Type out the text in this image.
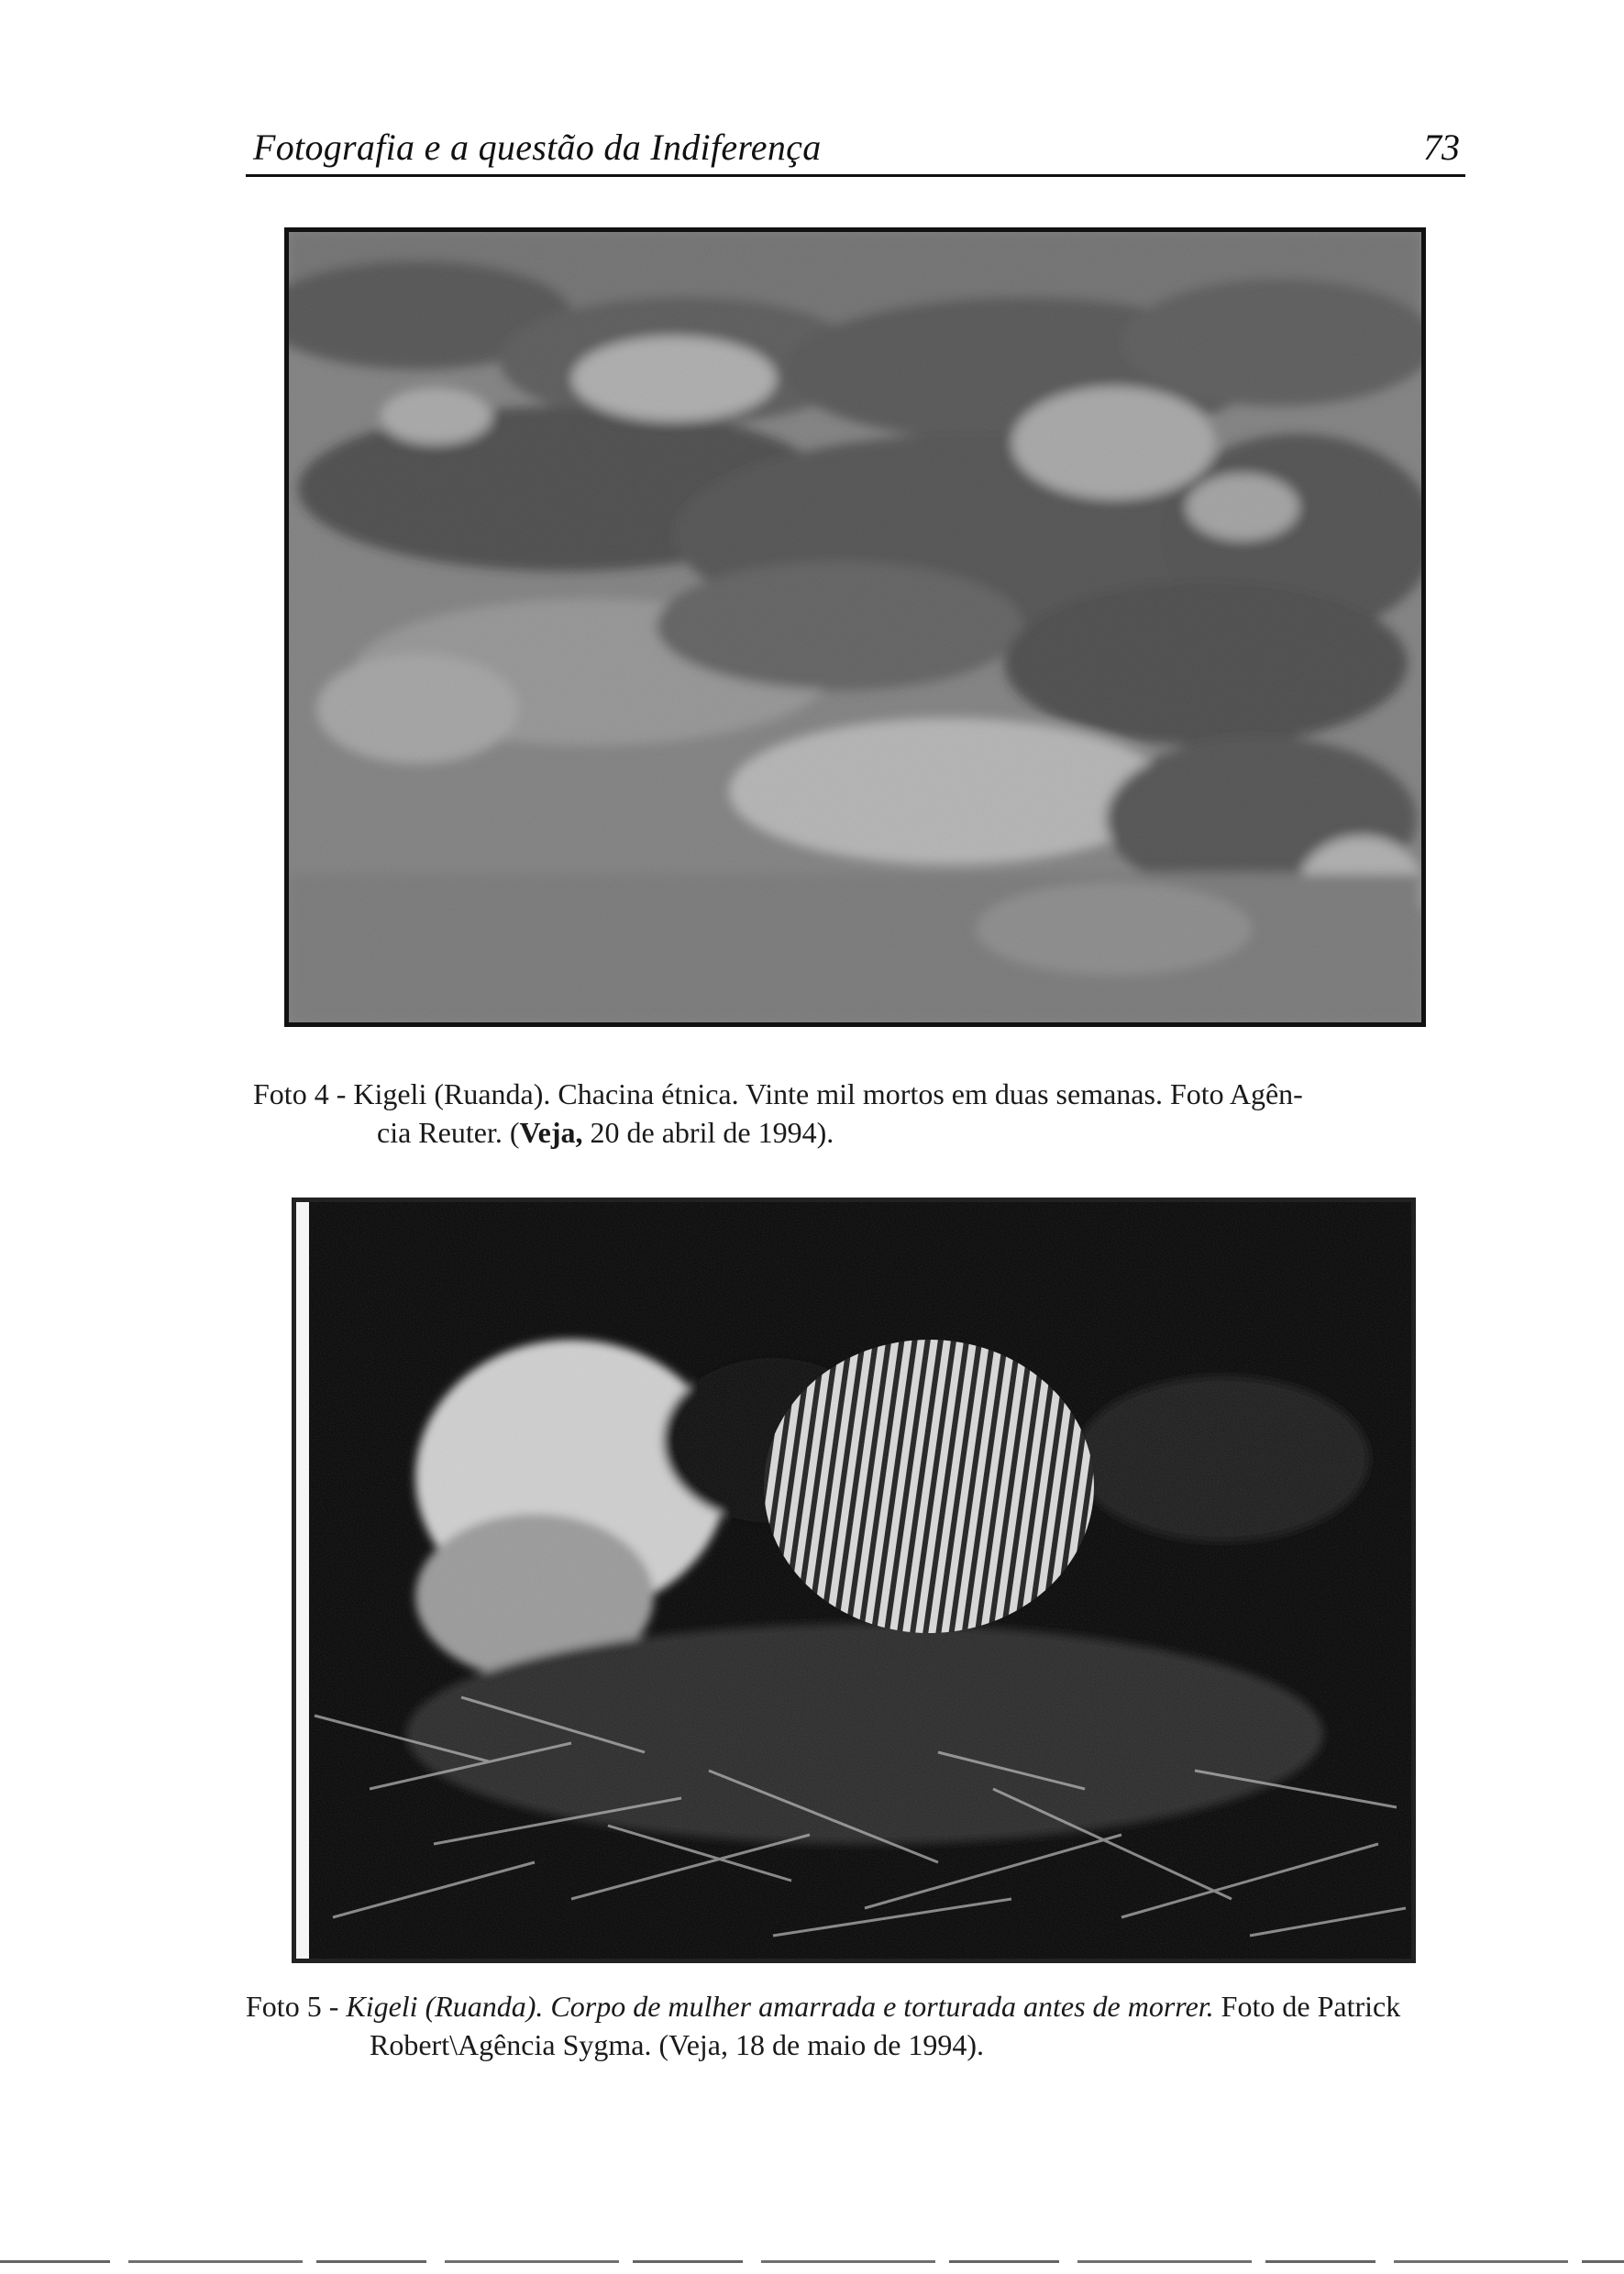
Fotografia e a questão da Indiferença	73
Foto 4 - Kigeli (Ruanda). Chacina étnica. Vinte mil mortos em duas semanas. Foto Agên-
cia Reuter. (Veja, 20 de abril de 1994).
Foto 5 - Kigeli (Ruanda). Corpo de mulher amarrada e torturada antes de morrer. Foto de Patrick
Robert\Agência Sygma. (Veja, 18 de maio de 1994).
